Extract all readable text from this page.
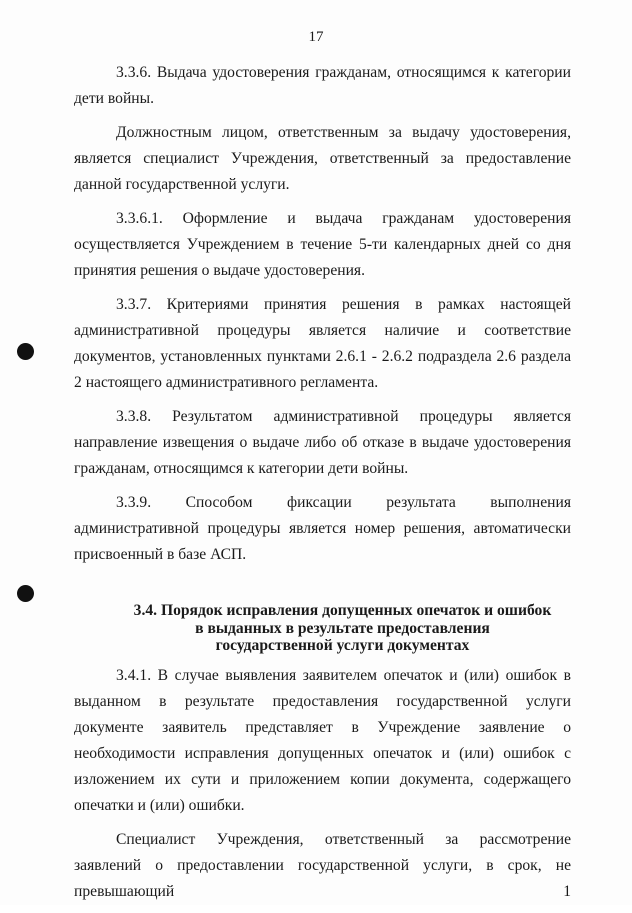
17

3.3.6. Выдача удостоверения гражданам, относящимся к категории дети войны.

Должностным лицом, ответственным за выдачу удостоверения, является специалист Учреждения, ответственный за предоставление данной государственной услуги.

3.3.6.1. Оформление и выдача гражданам удостоверения осуществляется Учреждением в течение 5-ти календарных дней со дня принятия решения о выдаче удостоверения.

3.3.7. Критериями принятия решения в рамках настоящей административной процедуры является наличие и соответствие документов, установленных пунктами 2.6.1 - 2.6.2 подраздела 2.6 раздела 2 настоящего административного регламента.

3.3.8. Результатом административной процедуры является направление извещения о выдаче либо об отказе в выдаче удостоверения гражданам, относящимся к категории дети войны.

3.3.9. Способом фиксации результата выполнения административной процедуры является номер решения, автоматически присвоенный в базе АСП.

3.4. Порядок исправления допущенных опечаток и ошибок
в выданных в результате предоставления
государственной услуги документах

3.4.1. В случае выявления заявителем опечаток и (или) ошибок в выданном в результате предоставления государственной услуги документе заявитель представляет в Учреждение заявление о необходимости исправления допущенных опечаток и (или) ошибок с изложением их сути и приложением копии документа, содержащего опечатки и (или) ошибки.

Специалист Учреждения, ответственный за рассмотрение заявлений о предоставлении государственной услуги, в срок, не превышающий 1
